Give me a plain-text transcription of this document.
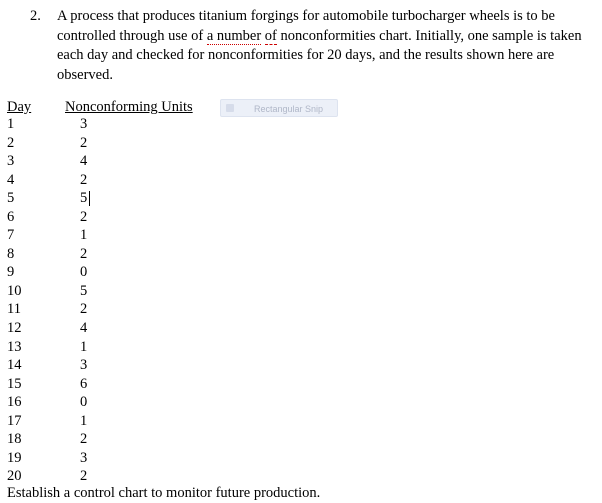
2. A process that produces titanium forgings for automobile turbocharger wheels is to be controlled through use of a number of nonconformities chart. Initially, one sample is taken each day and checked for nonconformities for 20 days, and the results shown here are observed.
Day Nonconforming Units
1	3
2	2
3	4
4	2
5	5
6	2
7	1
8	2
9	0
10	5
11	2
12	4
13	1
14	3
15	6
16	0
17	1
18	2
19	3
20	2
Rectangular Snip
Establish a control chart to monitor future production.
